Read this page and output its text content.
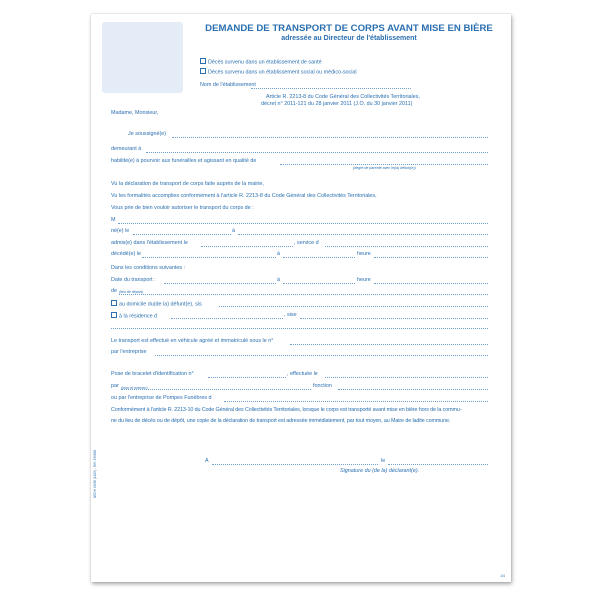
DEMANDE DE TRANSPORT DE CORPS AVANT MISE EN BIÈRE
adressée au Directeur de l'établissement
Décès survenu dans un établissement de santé
Décès survenu dans un établissement social ou médico-social
Nom de l'établissement
Article R. 2213-8 du Code Général des Collectivités Territoriales,
décret n° 2011-121 du 28 janvier 2011 (J.O. du 30 janvier 2011)
Madame, Monsieur,
Je soussigné(e)
demeurant à
habilité(e) à pourvoir aux funérailles et agissant en qualité de
(degré de parenté avec le(la) défunt(e))
Vu la déclaration de transport de corps faite auprès de la mairie,
Vu les formalités accomplies conformément à l'article R. 2213-8 du Code Général des Collectivités Territoriales,
Vous prie de bien vouloir autoriser le transport du corps de :
M
né(e) le	à
admis(e) dans l'établissement le	, service d
décédé(e) le	à	heure
Dans les conditions suivantes :
Date du transport :	à	heure
de (lieu de départ)
au domicile du(de la) défunt(e), sis
à la résidence d	, sise
Le transport est effectué en véhicule agréé et immatriculé sous le n°
par l'entreprise
Pose de bracelet d'identification n°	, effectuée le
par (nom et prénom)	fonction
ou par l'entreprise de Pompes Funèbres d
Conformément à l'article R. 2213-10 du Code Général des Collectivités Territoriales, lorsque le corps est transporté avant mise en bière hors de la commu-
ne du lieu de décès ou de dépôt, une copie de la déclaration de transport est adressée immédiatement, par tout moyen, au Maire de ladite commune.
A	le
Signature du (de la) déclarant(e).
NEDH 03/36 (1405) - Réf. 335826
1/4
